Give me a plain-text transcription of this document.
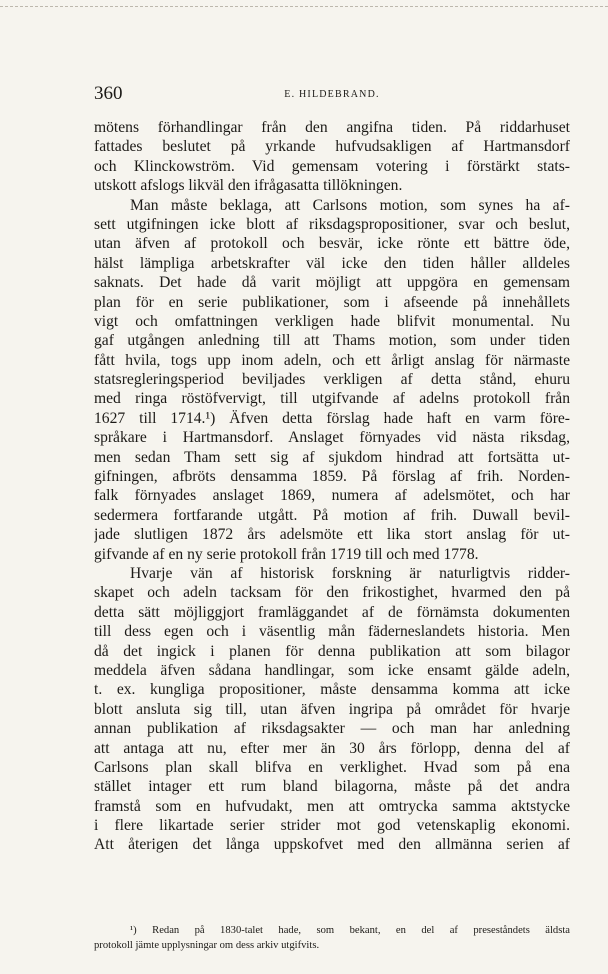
360	E. HILDEBRAND.
mötens förhandlingar från den angifna tiden. På riddarhuset
fattades beslutet på yrkande hufvudsakligen af Hartmansdorf
och Klinckowström. Vid gemensam votering i förstärkt stats-
utskott afslogs likväl den ifrågasatta tillökningen.
Man måste beklaga, att Carlsons motion, som synes ha af-
sett utgifningen icke blott af riksdagspropositioner, svar och beslut,
utan äfven af protokoll och besvär, icke rönte ett bättre öde,
hälst lämpliga arbetskrafter väl icke den tiden håller alldeles
saknats. Det hade då varit möjligt att uppgöra en gemensam
plan för en serie publikationer, som i afseende på innehållets
vigt och omfattningen verkligen hade blifvit monumental. Nu
gaf utgången anledning till att Thams motion, som under tiden
fått hvila, togs upp inom adeln, och ett årligt anslag för närmaste
statsregleringsperiod beviljades verkligen af detta stånd, ehuru
med ringa röstöfvervigt, till utgifvande af adelns protokoll från
1627 till 1714.¹) Äfven detta förslag hade haft en varm före-
språkare i Hartmansdorf. Anslaget förnyades vid nästa riksdag,
men sedan Tham sett sig af sjukdom hindrad att fortsätta ut-
gifningen, afbröts densamma 1859. På förslag af frih. Norden-
falk förnyades anslaget 1869, numera af adelsmötet, och har
sedermera fortfarande utgått. På motion af frih. Duwall bevil-
jade slutligen 1872 års adelsmöte ett lika stort anslag för ut-
gifvande af en ny serie protokoll från 1719 till och med 1778.
Hvarje vän af historisk forskning är naturligtvis ridder-
skapet och adeln tacksam för den frikostighet, hvarmed den på
detta sätt möjliggjort framläggandet af de förnämsta dokumenten
till dess egen och i väsentlig mån fäderneslandets historia. Men
då det ingick i planen för denna publikation att som bilagor
meddela äfven sådana handlingar, som icke ensamt gälde adeln,
t. ex. kungliga propositioner, måste densamma komma att icke
blott ansluta sig till, utan äfven ingripa på området för hvarje
annan publikation af riksdagsakter — och man har anledning
att antaga att nu, efter mer än 30 års förlopp, denna del af
Carlsons plan skall blifva en verklighet. Hvad som på ena
stället intager ett rum bland bilagorna, måste på det andra
framstå som en hufvudakt, men att omtrycka samma aktstycke
i flere likartade serier strider mot god vetenskaplig ekonomi.
Att återigen det långa uppskofvet med den allmänna serien af
¹) Redan på 1830-talet hade, som bekant, en del af preseståndets äldsta
protokoll jämte upplysningar om dess arkiv utgifvits.
